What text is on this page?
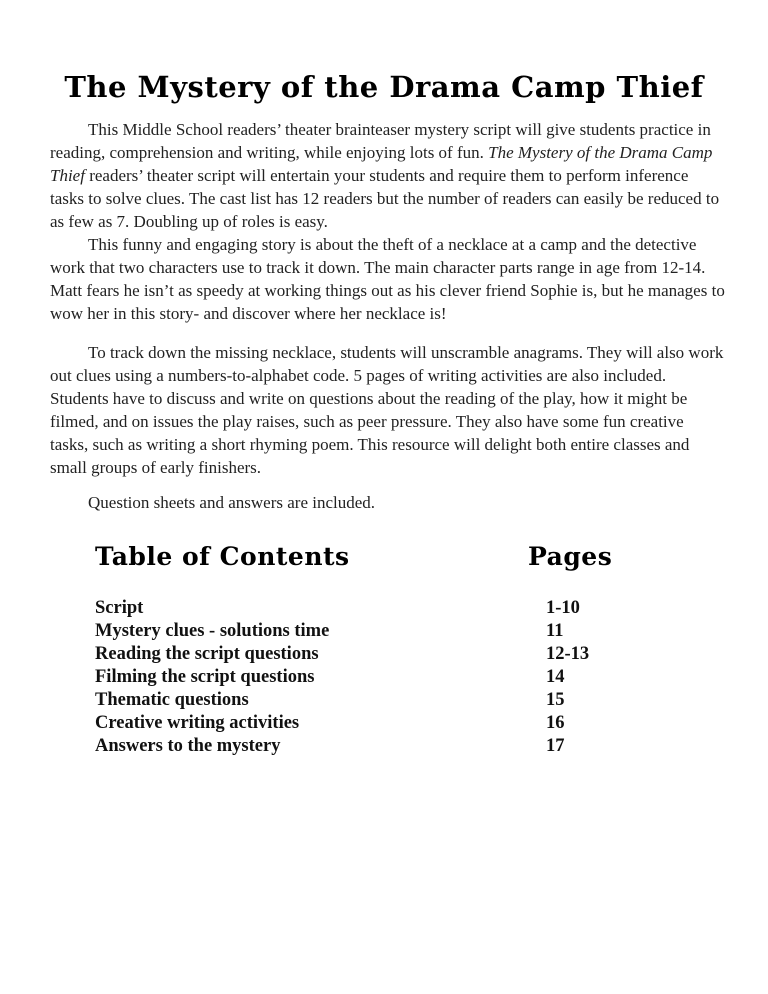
The Mystery of the Drama Camp Thief

This Middle School readers’ theater brainteaser mystery script will give students practice in reading, comprehension and writing, while enjoying lots of fun. The Mystery of the Drama Camp Thief readers’ theater script will entertain your students and require them to perform inference tasks to solve clues. The cast list has 12 readers but the number of readers can easily be reduced to as few as 7. Doubling up of roles is easy.

This funny and engaging story is about the theft of a necklace at a camp and the detective work that two characters use to track it down. The main character parts range in age from 12-14. Matt fears he isn’t as speedy at working things out as his clever friend Sophie is, but he manages to wow her in this story- and discover where her necklace is!

To track down the missing necklace, students will unscramble anagrams. They will also work out clues using a numbers-to-alphabet code. 5 pages of writing activities are also included. Students have to discuss and write on questions about the reading of the play, how it might be filmed, and on issues the play raises, such as peer pressure. They also have some fun creative tasks, such as writing a short rhyming poem. This resource will delight both entire classes and small groups of early finishers.

Question sheets and answers are included.

Table of Contents	Pages
Script	1-10
Mystery clues - solutions time	11
Reading the script questions	12-13
Filming the script questions	14
Thematic questions	15
Creative writing activities	16
Answers to the mystery	17
